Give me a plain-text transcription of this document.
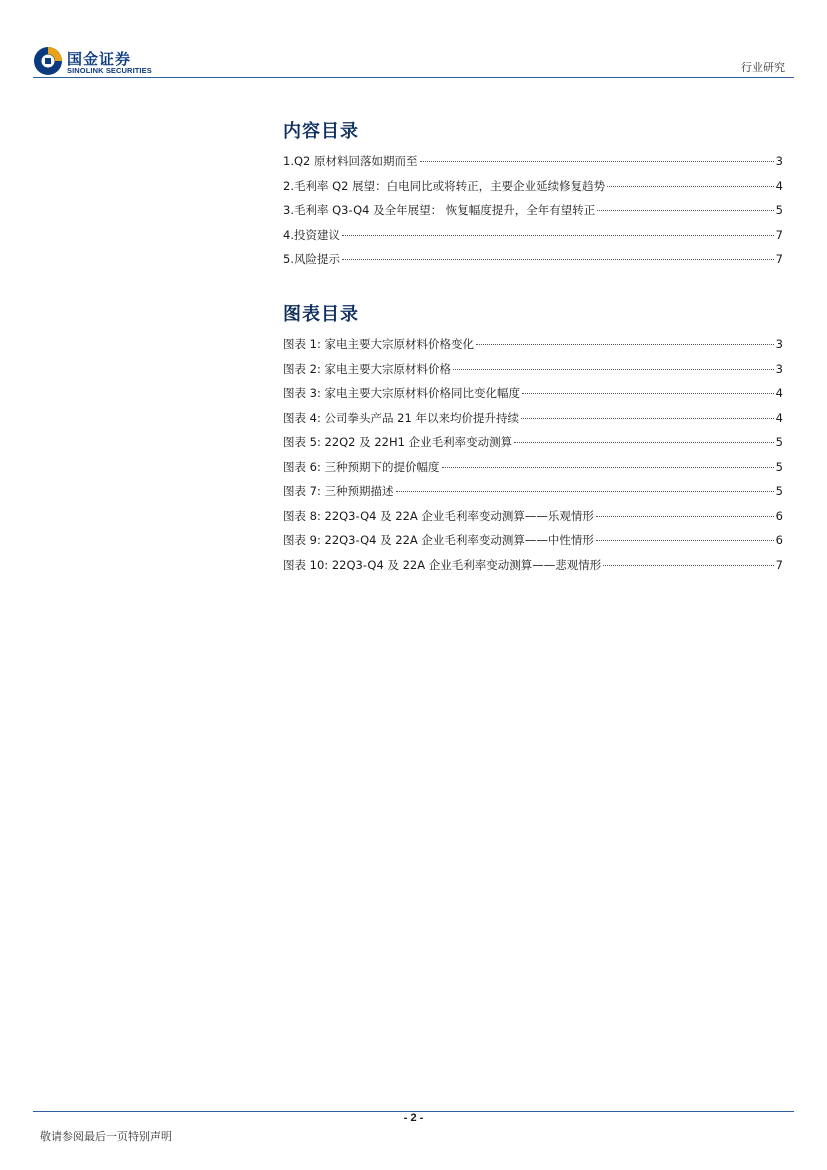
国金证券
SINOLINK SECURITIES	行业研究
内容目录
1.Q2 原材料回落如期而至	3
2.毛利率 Q2 展望：白电同比或将转正，主要企业延续修复趋势	4
3.毛利率 Q3-Q4 及全年展望： 恢复幅度提升，全年有望转正	5
4.投资建议	7
5.风险提示	7
图表目录
图表 1: 家电主要大宗原材料价格变化	3
图表 2: 家电主要大宗原材料价格	3
图表 3: 家电主要大宗原材料价格同比变化幅度	4
图表 4: 公司拳头产品 21 年以来均价提升持续	4
图表 5: 22Q2 及 22H1 企业毛利率变动测算	5
图表 6: 三种预期下的提价幅度	5
图表 7: 三种预期描述	5
图表 8: 22Q3-Q4 及 22A 企业毛利率变动测算——乐观情形	6
图表 9: 22Q3-Q4 及 22A 企业毛利率变动测算——中性情形	6
图表 10: 22Q3-Q4 及 22A 企业毛利率变动测算——悲观情形	7
- 2 -
敬请参阅最后一页特别声明
